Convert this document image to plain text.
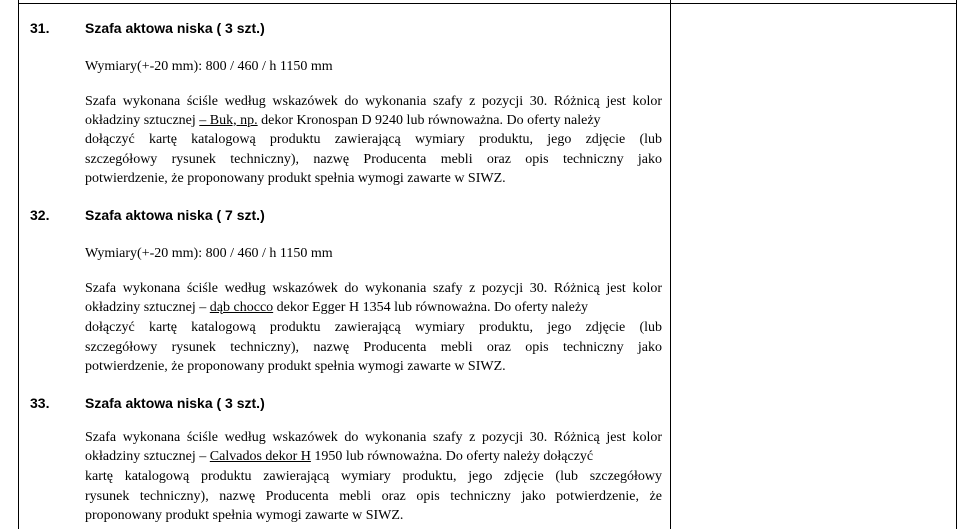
31.	Szafa aktowa niska ( 3 szt.)
Wymiary(+-20 mm): 800 / 460 / h 1150 mm
Szafa wykonana ściśle według wskazówek do wykonania szafy z pozycji 30. Różnicą jest kolor
okładziny sztucznej – Buk, np. dekor Kronospan D 9240 lub równoważna. Do oferty należy
dołączyć kartę katalogową produktu zawierającą wymiary produktu, jego zdjęcie (lub
szczegółowy rysunek techniczny), nazwę Producenta mebli oraz opis techniczny jako
potwierdzenie, że proponowany produkt spełnia wymogi zawarte w SIWZ.
32.	Szafa aktowa niska ( 7 szt.)
Wymiary(+-20 mm): 800 / 460 / h 1150 mm
Szafa wykonana ściśle według wskazówek do wykonania szafy z pozycji 30. Różnicą jest kolor
okładziny sztucznej – dąb chocco dekor Egger H 1354 lub równoważna. Do oferty należy
dołączyć kartę katalogową produktu zawierającą wymiary produktu, jego zdjęcie (lub
szczegółowy rysunek techniczny), nazwę Producenta mebli oraz opis techniczny jako
potwierdzenie, że proponowany produkt spełnia wymogi zawarte w SIWZ.
33.	Szafa aktowa niska ( 3 szt.)
Szafa wykonana ściśle według wskazówek do wykonania szafy z pozycji 30. Różnicą jest kolor
okładziny sztucznej – Calvados dekor H 1950 lub równoważna. Do oferty należy dołączyć
kartę katalogową produktu zawierającą wymiary produktu, jego zdjęcie (lub szczegółowy
rysunek techniczny), nazwę Producenta mebli oraz opis techniczny jako potwierdzenie, że
proponowany produkt spełnia wymogi zawarte w SIWZ.
